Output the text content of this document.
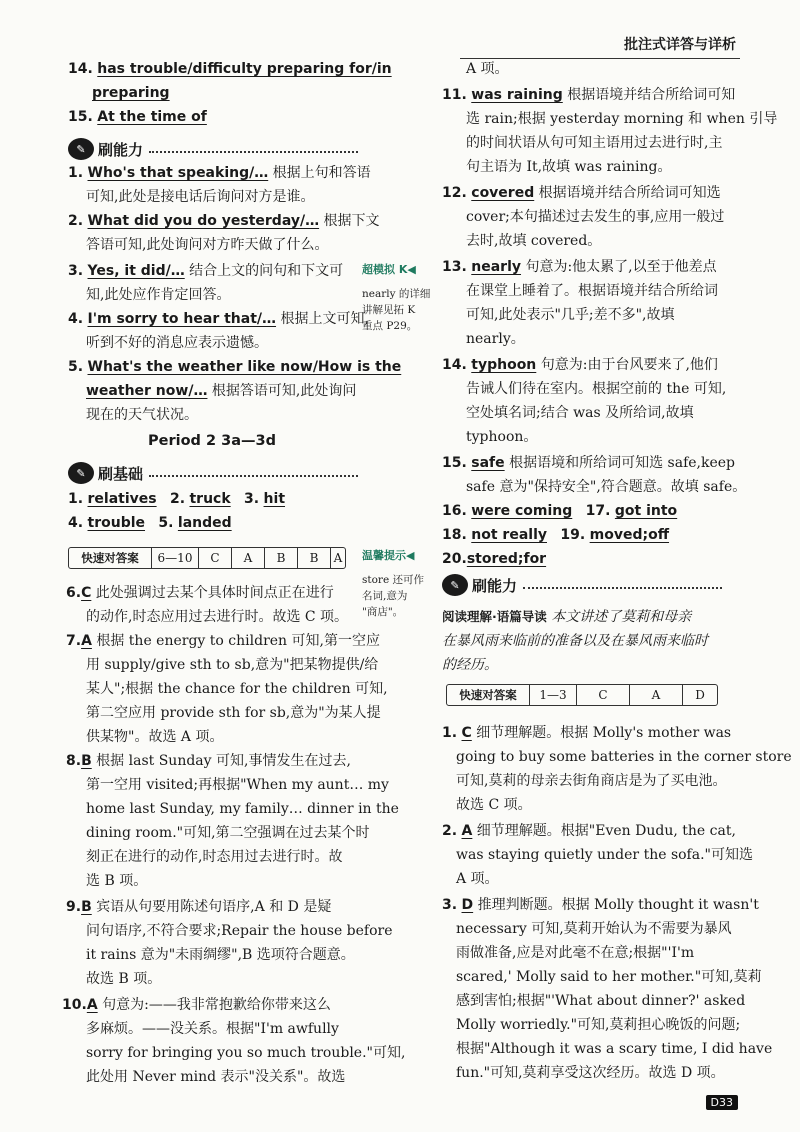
批注式详答与详析
14. has trouble/difficulty preparing for/in
preparing
15. At the time of
✎ 刷能力
1. Who's that speaking/… 根据上句和答语
可知,此处是接电话后询问对方是谁。
2. What did you do yesterday/… 根据下文
答语可知,此处询问对方昨天做了什么。
3. Yes, it did/… 结合上文的问句和下文可
知,此处应作肯定回答。
4. I'm sorry to hear that/… 根据上文可知,
听到不好的消息应表示遗憾。
5. What's the weather like now/How is the
weather now/… 根据答语可知,此处询问
现在的天气状况。
Period 2 3a—3d
✎ 刷基础
1. relatives 2. truck 3. hit
4. trouble 5. landed
快速对答案	6—10	C	A	B	B	A
6.C 此处强调过去某个具体时间点正在进行
的动作,时态应用过去进行时。故选 C 项。
7.A 根据 the energy to children 可知,第一空应
用 supply/give sth to sb,意为"把某物提供/给
某人";根据 the chance for the children 可知,
第二空应用 provide sth for sb,意为"为某人提
供某物"。故选 A 项。
8.B 根据 last Sunday 可知,事情发生在过去,
第一空用 visited;再根据"When my aunt… my
home last Sunday, my family… dinner in the
dining room."可知,第二空强调在过去某个时
刻正在进行的动作,时态用过去进行时。故
选 B 项。
9.B 宾语从句要用陈述句语序,A 和 D 是疑
问句语序,不符合要求;Repair the house before
it rains 意为"未雨绸缪",B 选项符合题意。
故选 B 项。
10.A 句意为:——我非常抱歉给你带来这么
多麻烦。——没关系。根据"I'm awfully
sorry for bringing you so much trouble."可知,
此处用 Never mind 表示"没关系"。故选
超模拟 K◀
nearly 的详细
讲解见拓 K
重点 P29。
温馨提示◀
store 还可作
名词,意为
"商店"。
A 项。
11. was raining 根据语境并结合所给词可知
选 rain;根据 yesterday morning 和 when 引导
的时间状语从句可知主语用过去进行时,主
句主语为 It,故填 was raining。
12. covered 根据语境并结合所给词可知选
cover;本句描述过去发生的事,应用一般过
去时,故填 covered。
13. nearly 句意为:他太累了,以至于他差点
在课堂上睡着了。根据语境并结合所给词
可知,此处表示"几乎;差不多",故填
nearly。
14. typhoon 句意为:由于台风要来了,他们
告诫人们待在室内。根据空前的 the 可知,
空处填名词;结合 was 及所给词,故填
typhoon。
15. safe 根据语境和所给词可知选 safe,keep
safe 意为"保持安全",符合题意。故填 safe。
16. were coming 17. got into
18. not really 19. moved;off
20.stored;for
✎ 刷能力
阅读理解·语篇导读 本文讲述了莫莉和母亲
在暴风雨来临前的准备以及在暴风雨来临时
的经历。
快速对答案	1—3	C	A	D
1. C 细节理解题。根据 Molly's mother was
going to buy some batteries in the corner store
可知,莫莉的母亲去街角商店是为了买电池。
故选 C 项。
2. A 细节理解题。根据"Even Dudu, the cat,
was staying quietly under the sofa."可知选
A 项。
3. D 推理判断题。根据 Molly thought it wasn't
necessary 可知,莫莉开始认为不需要为暴风
雨做准备,应是对此毫不在意;根据"'I'm
scared,' Molly said to her mother."可知,莫莉
感到害怕;根据"'What about dinner?' asked
Molly worriedly."可知,莫莉担心晚饭的问题;
根据"Although it was a scary time, I did have
fun."可知,莫莉享受这次经历。故选 D 项。
D33
